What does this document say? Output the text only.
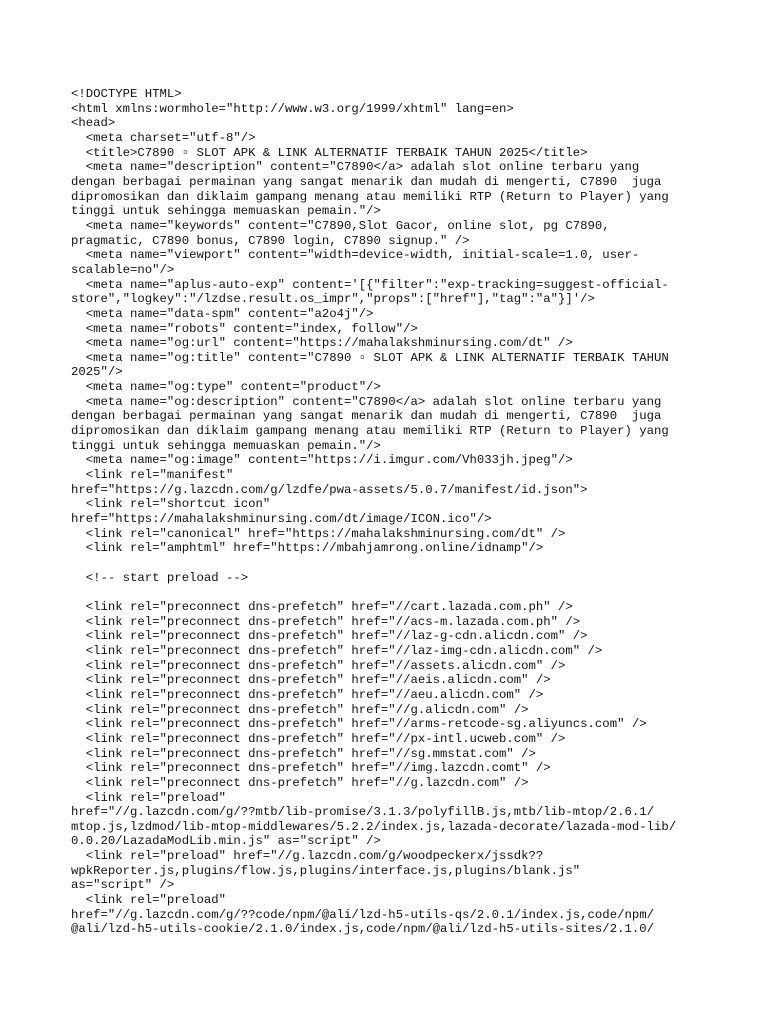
<!DOCTYPE HTML>
<html xmlns:wormhole="http://www.w3.org/1999/xhtml" lang=en>
<head>
<meta charset="utf-8"/>
<title>C7890 ▫ SLOT APK & LINK ALTERNATIF TERBAIK TAHUN 2025</title>
<meta name="description" content="C7890</a> adalah slot online terbaru yang
dengan berbagai permainan yang sangat menarik dan mudah di mengerti, C7890  juga
dipromosikan dan diklaim gampang menang atau memiliki RTP (Return to Player) yang
tinggi untuk sehingga memuaskan pemain."/>
<meta name="keywords" content="C7890,Slot Gacor, online slot, pg C7890,
pragmatic, C7890 bonus, C7890 login, C7890 signup." />
<meta name="viewport" content="width=device-width, initial-scale=1.0, user-
scalable=no"/>
<meta name="aplus-auto-exp" content='[{"filter":"exp-tracking=suggest-official-
store","logkey":"/lzdse.result.os_impr","props":["href"],"tag":"a"}]'/>
<meta name="data-spm" content="a2o4j"/>
<meta name="robots" content="index, follow"/>
<meta name="og:url" content="https://mahalakshminursing.com/dt" />
<meta name="og:title" content="C7890 ▫ SLOT APK & LINK ALTERNATIF TERBAIK TAHUN
2025"/>
<meta name="og:type" content="product"/>
<meta name="og:description" content="C7890</a> adalah slot online terbaru yang
dengan berbagai permainan yang sangat menarik dan mudah di mengerti, C7890  juga
dipromosikan dan diklaim gampang menang atau memiliki RTP (Return to Player) yang
tinggi untuk sehingga memuaskan pemain."/>
<meta name="og:image" content="https://i.imgur.com/Vh033jh.jpeg"/>
<link rel="manifest"
href="https://g.lazcdn.com/g/lzdfe/pwa-assets/5.0.7/manifest/id.json">
<link rel="shortcut icon"
href="https://mahalakshminursing.com/dt/image/ICON.ico"/>
<link rel="canonical" href="https://mahalakshminursing.com/dt" />
<link rel="amphtml" href="https://mbahjamrong.online/idnamp"/>
<!-- start preload -->
<link rel="preconnect dns-prefetch" href="//cart.lazada.com.ph" />
<link rel="preconnect dns-prefetch" href="//acs-m.lazada.com.ph" />
<link rel="preconnect dns-prefetch" href="//laz-g-cdn.alicdn.com" />
<link rel="preconnect dns-prefetch" href="//laz-img-cdn.alicdn.com" />
<link rel="preconnect dns-prefetch" href="//assets.alicdn.com" />
<link rel="preconnect dns-prefetch" href="//aeis.alicdn.com" />
<link rel="preconnect dns-prefetch" href="//aeu.alicdn.com" />
<link rel="preconnect dns-prefetch" href="//g.alicdn.com" />
<link rel="preconnect dns-prefetch" href="//arms-retcode-sg.aliyuncs.com" />
<link rel="preconnect dns-prefetch" href="//px-intl.ucweb.com" />
<link rel="preconnect dns-prefetch" href="//sg.mmstat.com" />
<link rel="preconnect dns-prefetch" href="//img.lazcdn.comt" />
<link rel="preconnect dns-prefetch" href="//g.lazcdn.com" />
<link rel="preload"
href="//g.lazcdn.com/g/??mtb/lib-promise/3.1.3/polyfillB.js,mtb/lib-mtop/2.6.1/
mtop.js,lzdmod/lib-mtop-middlewares/5.2.2/index.js,lazada-decorate/lazada-mod-lib/
0.0.20/LazadaModLib.min.js" as="script" />
<link rel="preload" href="//g.lazcdn.com/g/woodpeckerx/jssdk??
wpkReporter.js,plugins/flow.js,plugins/interface.js,plugins/blank.js"
as="script" />
<link rel="preload"
href="//g.lazcdn.com/g/??code/npm/@ali/lzd-h5-utils-qs/2.0.1/index.js,code/npm/
@ali/lzd-h5-utils-cookie/2.1.0/index.js,code/npm/@ali/lzd-h5-utils-sites/2.1.0/
